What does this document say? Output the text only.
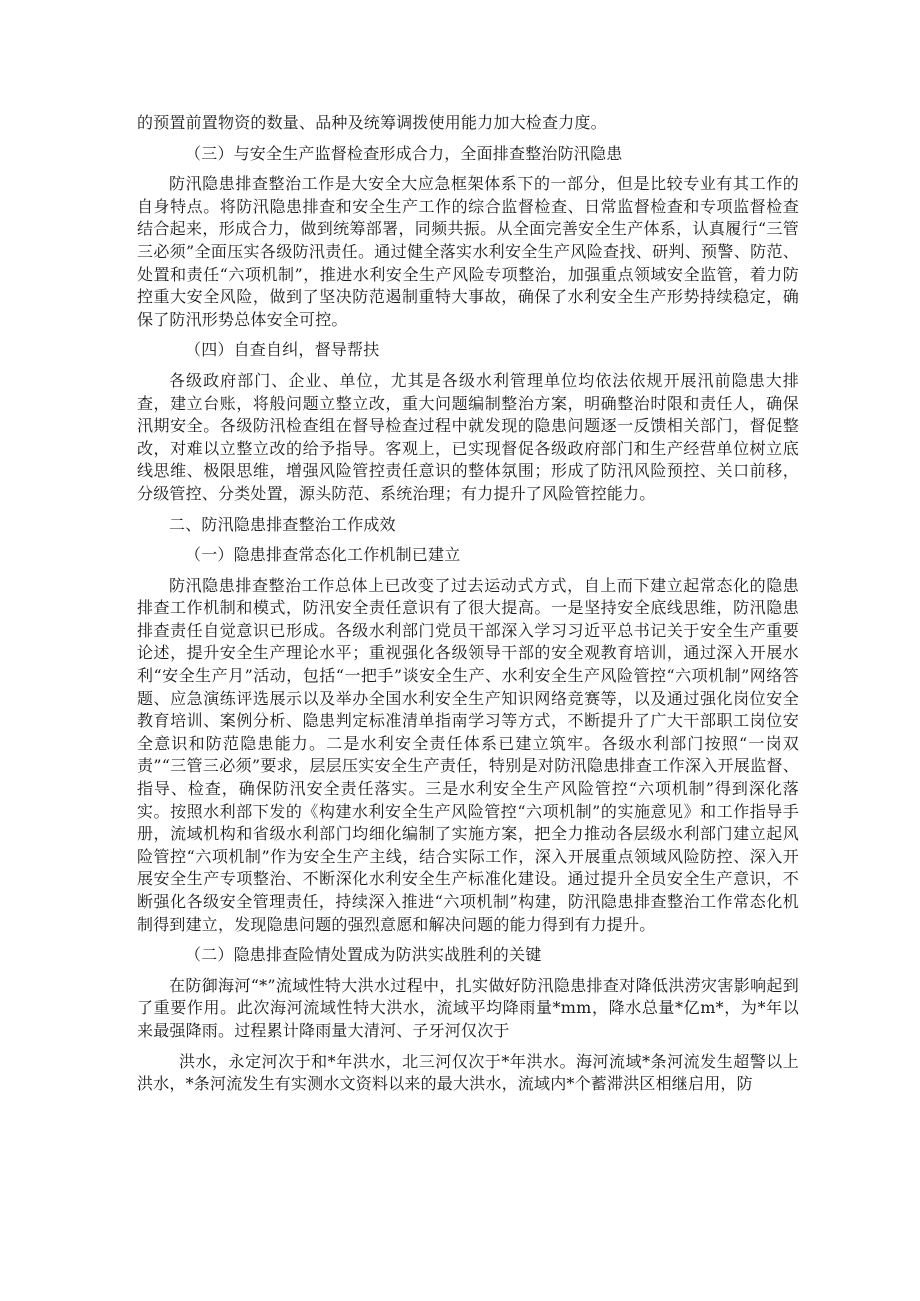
的预置前置物资的数量、品种及统筹调拨使用能力加大检查力度。

（三）与安全生产监督检查形成合力，全面排查整治防汛隐患

防汛隐患排查整治工作是大安全大应急框架体系下的一部分，但是比较专业有其工作的自身特点。将防汛隐患排查和安全生产工作的综合监督检查、日常监督检查和专项监督检查结合起来，形成合力，做到统筹部署，同频共振。从全面完善安全生产体系，认真履行“三管三必须”全面压实各级防汛责任。通过健全落实水利安全生产风险查找、研判、预警、防范、处置和责任“六项机制”，推进水利安全生产风险专项整治，加强重点领域安全监管，着力防控重大安全风险，做到了坚决防范遏制重特大事故，确保了水利安全生产形势持续稳定，确保了防汛形势总体安全可控。

（四）自查自纠，督导帮扶

各级政府部门、企业、单位，尤其是各级水利管理单位均依法依规开展汛前隐患大排查，建立台账，将般问题立整立改，重大问题编制整治方案，明确整治时限和责任人，确保汛期安全。各级防汛检查组在督导检查过程中就发现的隐患问题逐一反馈相关部门，督促整改，对难以立整立改的给予指导。客观上，已实现督促各级政府部门和生产经营单位树立底线思维、极限思维，增强风险管控责任意识的整体氛围；形成了防汛风险预控、关口前移，分级管控、分类处置，源头防范、系统治理；有力提升了风险管控能力。

二、防汛隐患排查整治工作成效

（一）隐患排查常态化工作机制已建立

防汛隐患排查整治工作总体上已改变了过去运动式方式，自上而下建立起常态化的隐患排查工作机制和模式，防汛安全责任意识有了很大提高。一是坚持安全底线思维，防汛隐患排查责任自觉意识已形成。各级水利部门党员干部深入学习习近平总书记关于安全生产重要论述，提升安全生产理论水平；重视强化各级领导干部的安全观教育培训，通过深入开展水利“安全生产月”活动，包括“一把手”谈安全生产、水利安全生产风险管控“六项机制”网络答题、应急演练评选展示以及举办全国水利安全生产知识网络竞赛等，以及通过强化岗位安全教育培训、案例分析、隐患判定标准清单指南学习等方式，不断提升了广大干部职工岗位安全意识和防范隐患能力。二是水利安全责任体系已建立筑牢。各级水利部门按照“一岗双责”“三管三必须”要求，层层压实安全生产责任，特别是对防汛隐患排查工作深入开展监督、指导、检查，确保防汛安全责任落实。三是水利安全生产风险管控“六项机制”得到深化落实。按照水利部下发的《构建水利安全生产风险管控“六项机制”的实施意见》和工作指导手册，流域机构和省级水利部门均细化编制了实施方案，把全力推动各层级水利部门建立起风险管控“六项机制”作为安全生产主线，结合实际工作，深入开展重点领域风险防控、深入开展安全生产专项整治、不断深化水利安全生产标准化建设。通过提升全员安全生产意识，不断强化各级安全管理责任，持续深入推进“六项机制”构建，防汛隐患排查整治工作常态化机制得到建立，发现隐患问题的强烈意愿和解决问题的能力得到有力提升。

（二）隐患排查险情处置成为防洪实战胜利的关键

在防御海河“*”流域性特大洪水过程中，扎实做好防汛隐患排查对降低洪涝灾害影响起到了重要作用。此次海河流域性特大洪水，流域平均降雨量*mm，降水总量*亿m*，为*年以来最强降雨。过程累计降雨量大清河、子牙河仅次于

洪水，永定河次于和*年洪水，北三河仅次于*年洪水。海河流域*条河流发生超警以上洪水，*条河流发生有实测水文资料以来的最大洪水，流域内*个蓄滞洪区相继启用，防
